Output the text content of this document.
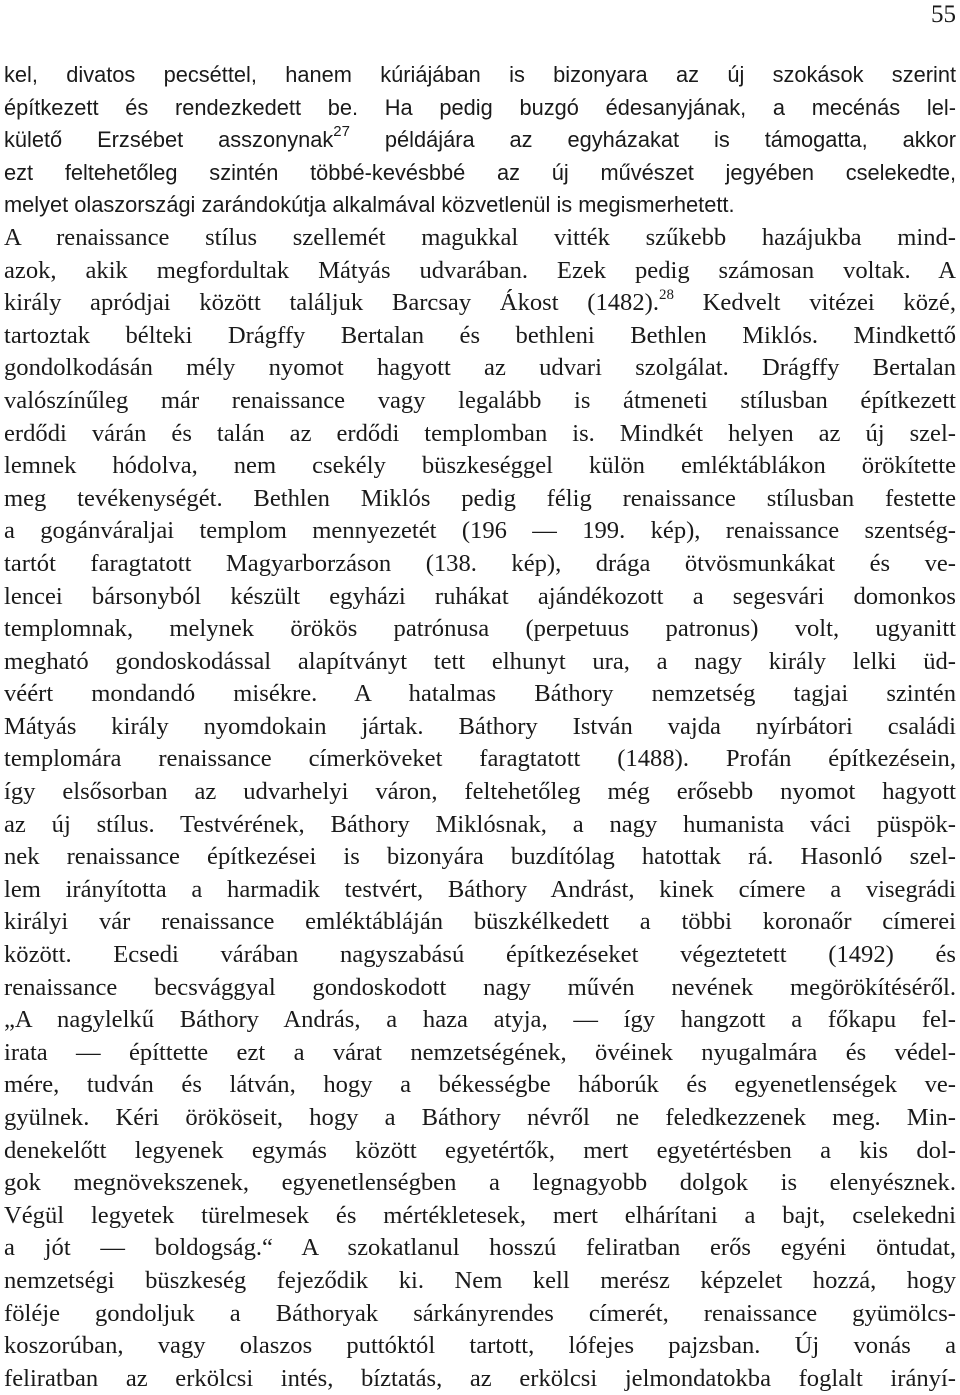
55
kel, divatos pecséttel, hanem kúriájában is bizonyara az új szokások szerint
építkezett és rendezkedett be. Ha pedig buzgó édesanyjának, a mecénás lel-
külető Erzsébet asszonynak$^{27}$ példájára az egyházakat is támogatta, akkor
ezt feltehetőleg szintén többé-kevésbbé az új művészet jegyében cselekedte,
melyet olaszországi zarándokútja alkalmával közvetlenül is megismerhetett.
A renaissance stílus szellemét magukkal vitték szűkebb hazájukba mind-
azok, akik megfordultak Mátyás udvarában. Ezek pedig számosan voltak. A
király apródjai között találjuk Barcsay Ákost (1482).$^{28}$ Kedvelt vitézei közé,
tartoztak bélteki Drágffy Bertalan és bethleni Bethlen Miklós. Mindkettő
gondolkodásán mély nyomot hagyott az udvari szolgálat. Drágffy Bertalan
valószínűleg már renaissance vagy legalább is átmeneti stílusban építkezett
erdődi várán és talán az erdődi templomban is. Mindkét helyen az új szel-
lemnek hódolva, nem csekély büszkeséggel külön emléktáblákon örökítette
meg tevékenységét. Bethlen Miklós pedig félig renaissance stílusban festette
a gogánváraljai templom mennyezetét (196 — 199. kép), renaissance szentség-
tartót faragtatott Magyarborzáson (138. kép), drága ötvösmunkákat és ve-
lencei bársonyból készült egyházi ruhákat ajándékozott a segesvári domonkos
templomnak, melynek örökös patrónusa (perpetuus patronus) volt, ugyanitt
megható gondoskodással alapítványt tett elhunyt ura, a nagy király lelki üd-
véért mondandó misékre. A hatalmas Báthory nemzetség tagjai szintén
Mátyás király nyomdokain jártak. Báthory István vajda nyírbátori családi
templomára renaissance címerköveket faragtatott (1488). Profán építkezésein,
így elsősorban az udvarhelyi váron, feltehetőleg még erősebb nyomot hagyott
az új stílus. Testvérének, Báthory Miklósnak, a nagy humanista váci püspök-
nek renaissance építkezései is bizonyára buzdítólag hatottak rá. Hasonló szel-
lem irányította a harmadik testvért, Báthory Andrást, kinek címere a visegrádi
királyi vár renaissance emléktábláján büszkélkedett a többi koronaőr címerei
között. Ecsedi várában nagyszabású építkezéseket végeztetett (1492) és
renaissance becsvággyal gondoskodott nagy művén nevének megörökítéséről.
„A nagylelkű Báthory András, a haza atyja, — így hangzott a főkapu fel-
irata — építtette ezt a várat nemzetségének, övéinek nyugalmára és védel-
mére, tudván és látván, hogy a békességbe háborúk és egyenetlenségek ve-
gyülnek. Kéri örököseit, hogy a Báthory névről ne feledkezzenek meg. Min-
denekelőtt legyenek egymás között egyetértők, mert egyetértésben a kis dol-
gok megnövekszenek, egyenetlenségben a legnagyobb dolgok is elenyésznek.
Végül legyetek türelmesek és mértékletesek, mert elhárítani a bajt, cselekedni
a jót — boldogság.“ A szokatlanul hosszú feliratban erős egyéni öntudat,
nemzetségi büszkeség fejeződik ki. Nem kell merész képzelet hozzá, hogy
föléje gondoljuk a Báthoryak sárkányrendes címerét, renaissance gyümölcs-
koszorúban, vagy olaszos puttóktól tartott, lófejes pajzsban. Új vonás a
feliratban az erkölcsi intés, bíztatás, az erkölcsi jelmondatokba foglalt irányí-
